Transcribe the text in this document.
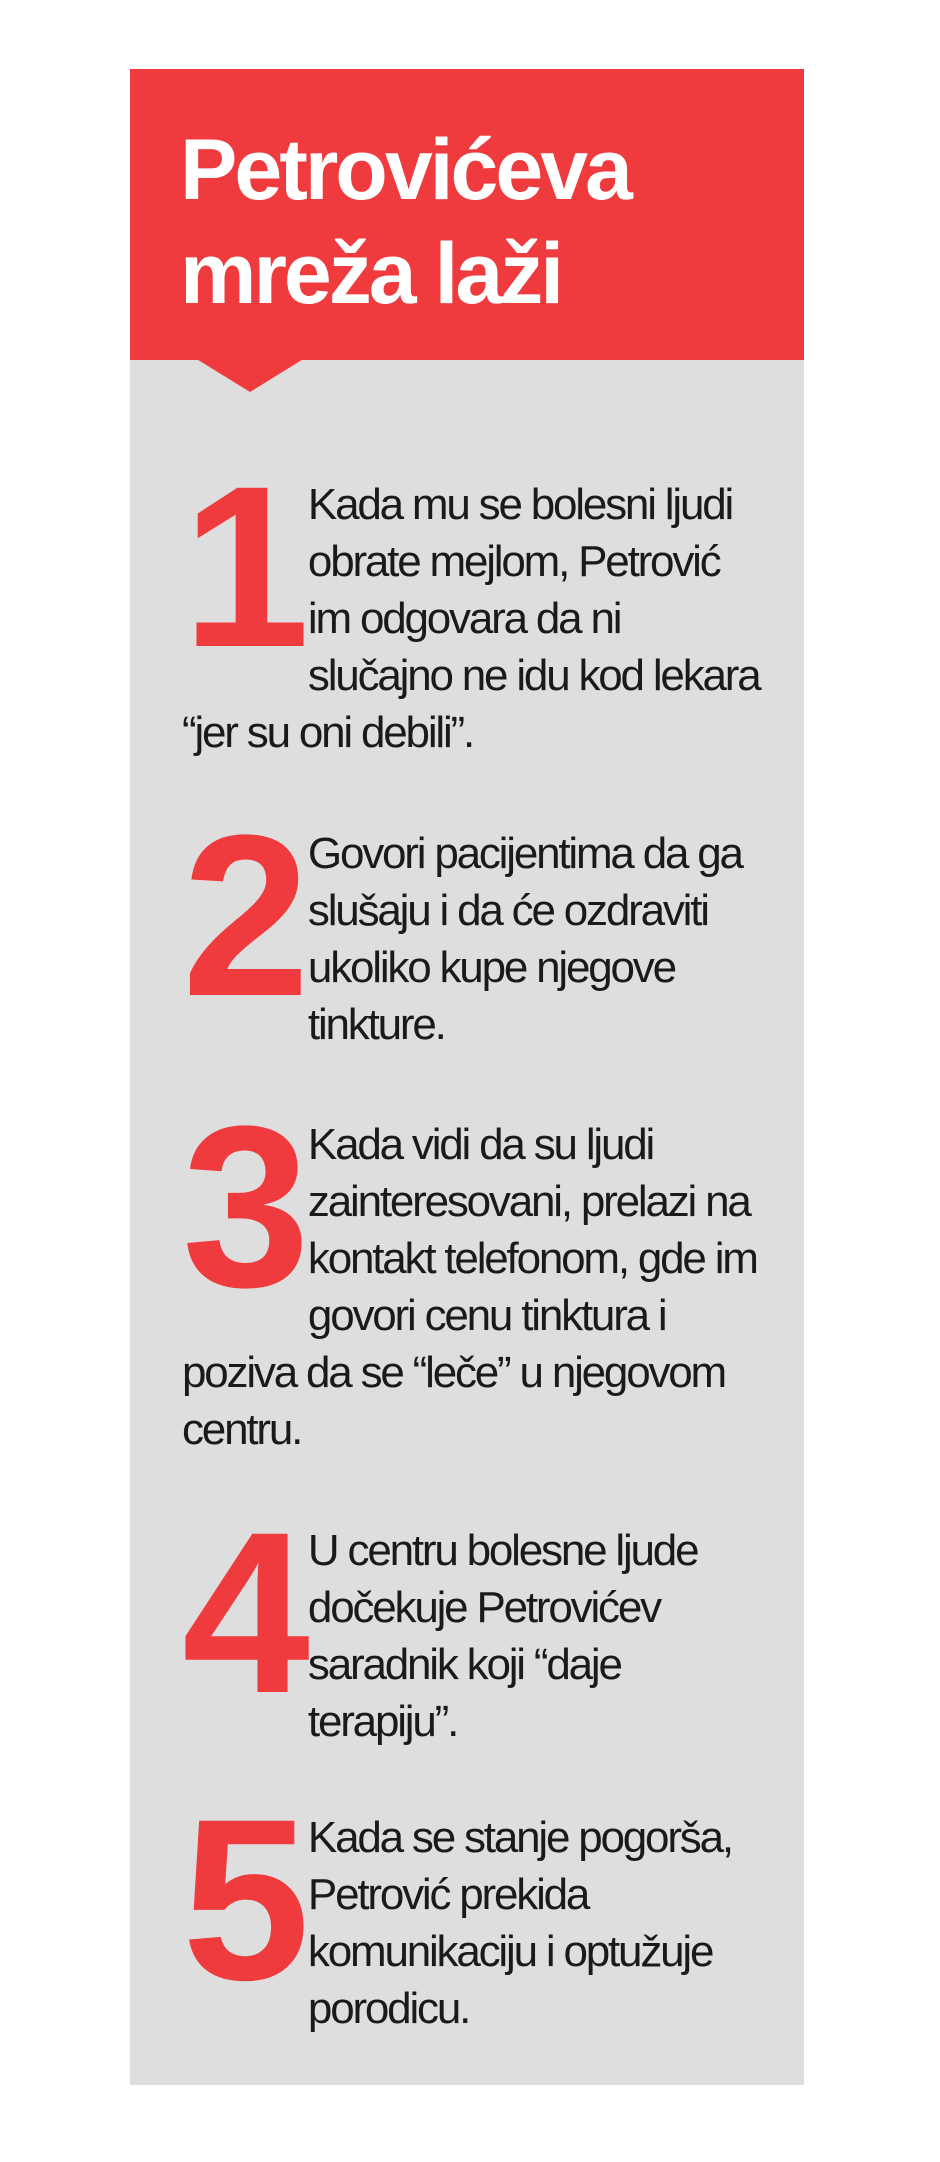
Petrovićeva
mreža laži
1 Kada mu se bolesni ljudi obrate mejlom, Petrović im odgovara da ni slučajno ne idu kod lekara “jer su oni debili”.

2 Govori pacijentima da ga slušaju i da će ozdraviti ukoliko kupe njegove tinkture.

3 Kada vidi da su ljudi zainteresovani, prelazi na kontakt telefonom, gde im govori cenu tinktura i poziva da se “leče” u njegovom centru.

4 U centru bolesne ljude dočekuje Petrovićev saradnik koji “daje terapiju”.

5 Kada se stanje pogorša, Petrović prekida komunikaciju i optužuje porodicu.
